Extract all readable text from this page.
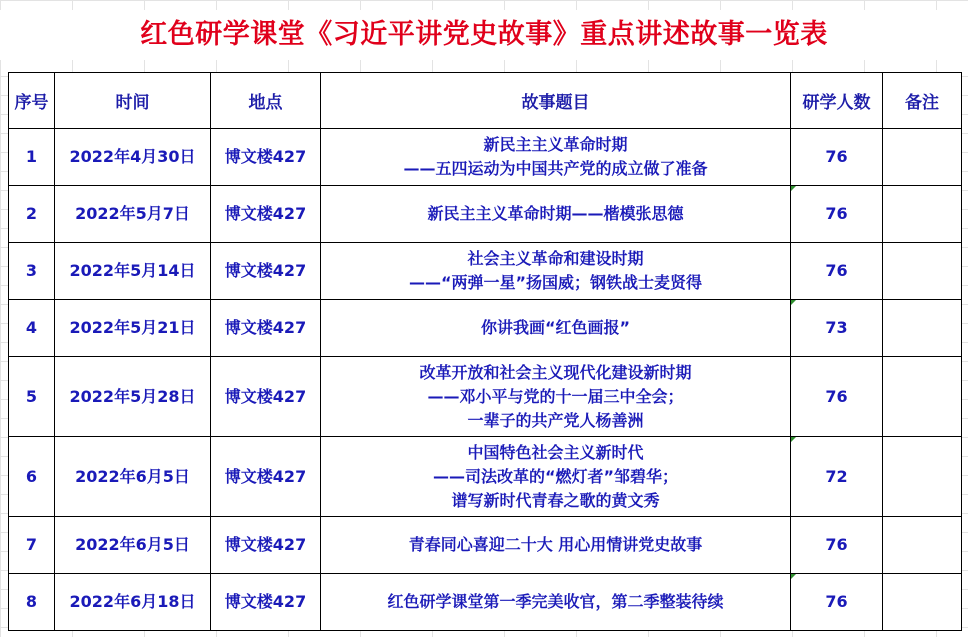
红色研学课堂《习近平讲党史故事》重点讲述故事一览表
序号	时间	地点	故事题目	研学人数	备注
1	2022年4月30日	博文楼427	新民主主义革命时期
——五四运动为中国共产党的成立做了准备	76	
2	2022年5月7日	博文楼427	新民主主义革命时期——楷模张思德	76	
3	2022年5月14日	博文楼427	社会主义革命和建设时期
——“两弹一星”扬国威；钢铁战士麦贤得	76	
4	2022年5月21日	博文楼427	你讲我画“红色画报”	73	
5	2022年5月28日	博文楼427	改革开放和社会主义现代化建设新时期
——邓小平与党的十一届三中全会；
一辈子的共产党人杨善洲	76	
6	2022年6月5日	博文楼427	中国特色社会主义新时代
——司法改革的“燃灯者”邹碧华；
谱写新时代青春之歌的黄文秀	72	
7	2022年6月5日	博文楼427	青春同心喜迎二十大 用心用情讲党史故事	76	
8	2022年6月18日	博文楼427	红色研学课堂第一季完美收官，第二季整装待续	76	
